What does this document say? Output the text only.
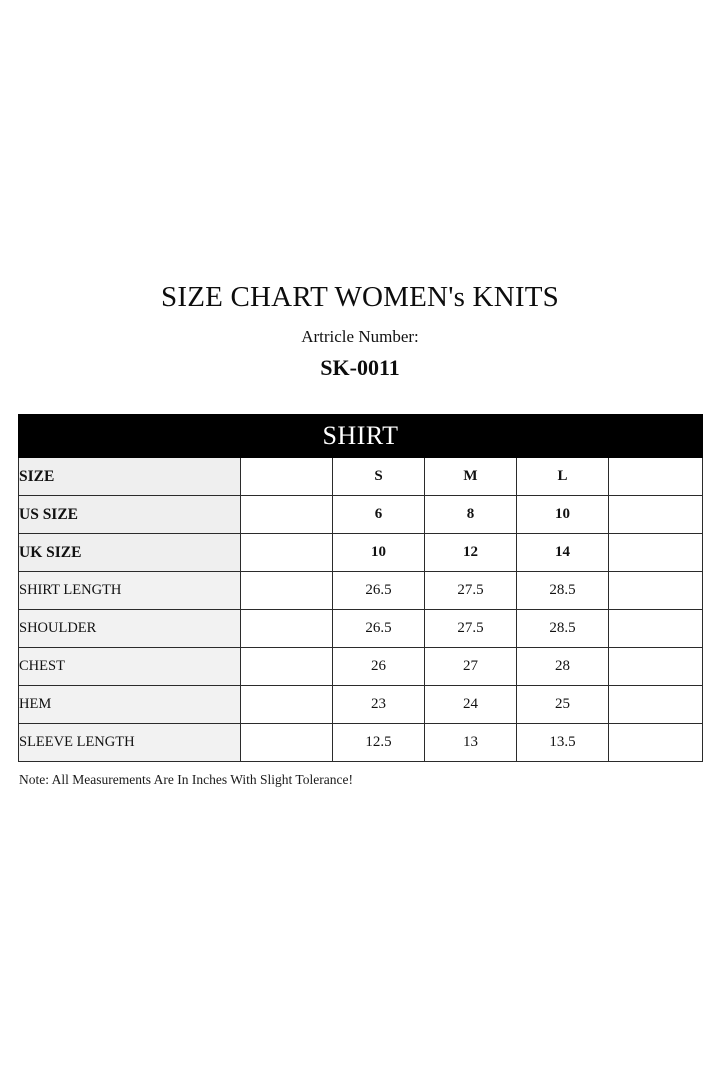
SIZE CHART WOMEN's KNITS
Artricle Number:
SK-0011
SHIRT					
SIZE		S	M	L	
US SIZE		6	8	10	
UK SIZE		10	12	14	
SHIRT LENGTH		26.5	27.5	28.5	
SHOULDER		26.5	27.5	28.5	
CHEST		26	27	28	
HEM		23	24	25	
SLEEVE LENGTH		12.5	13	13.5	
Note: All Measurements Are In Inches With Slight Tolerance!
